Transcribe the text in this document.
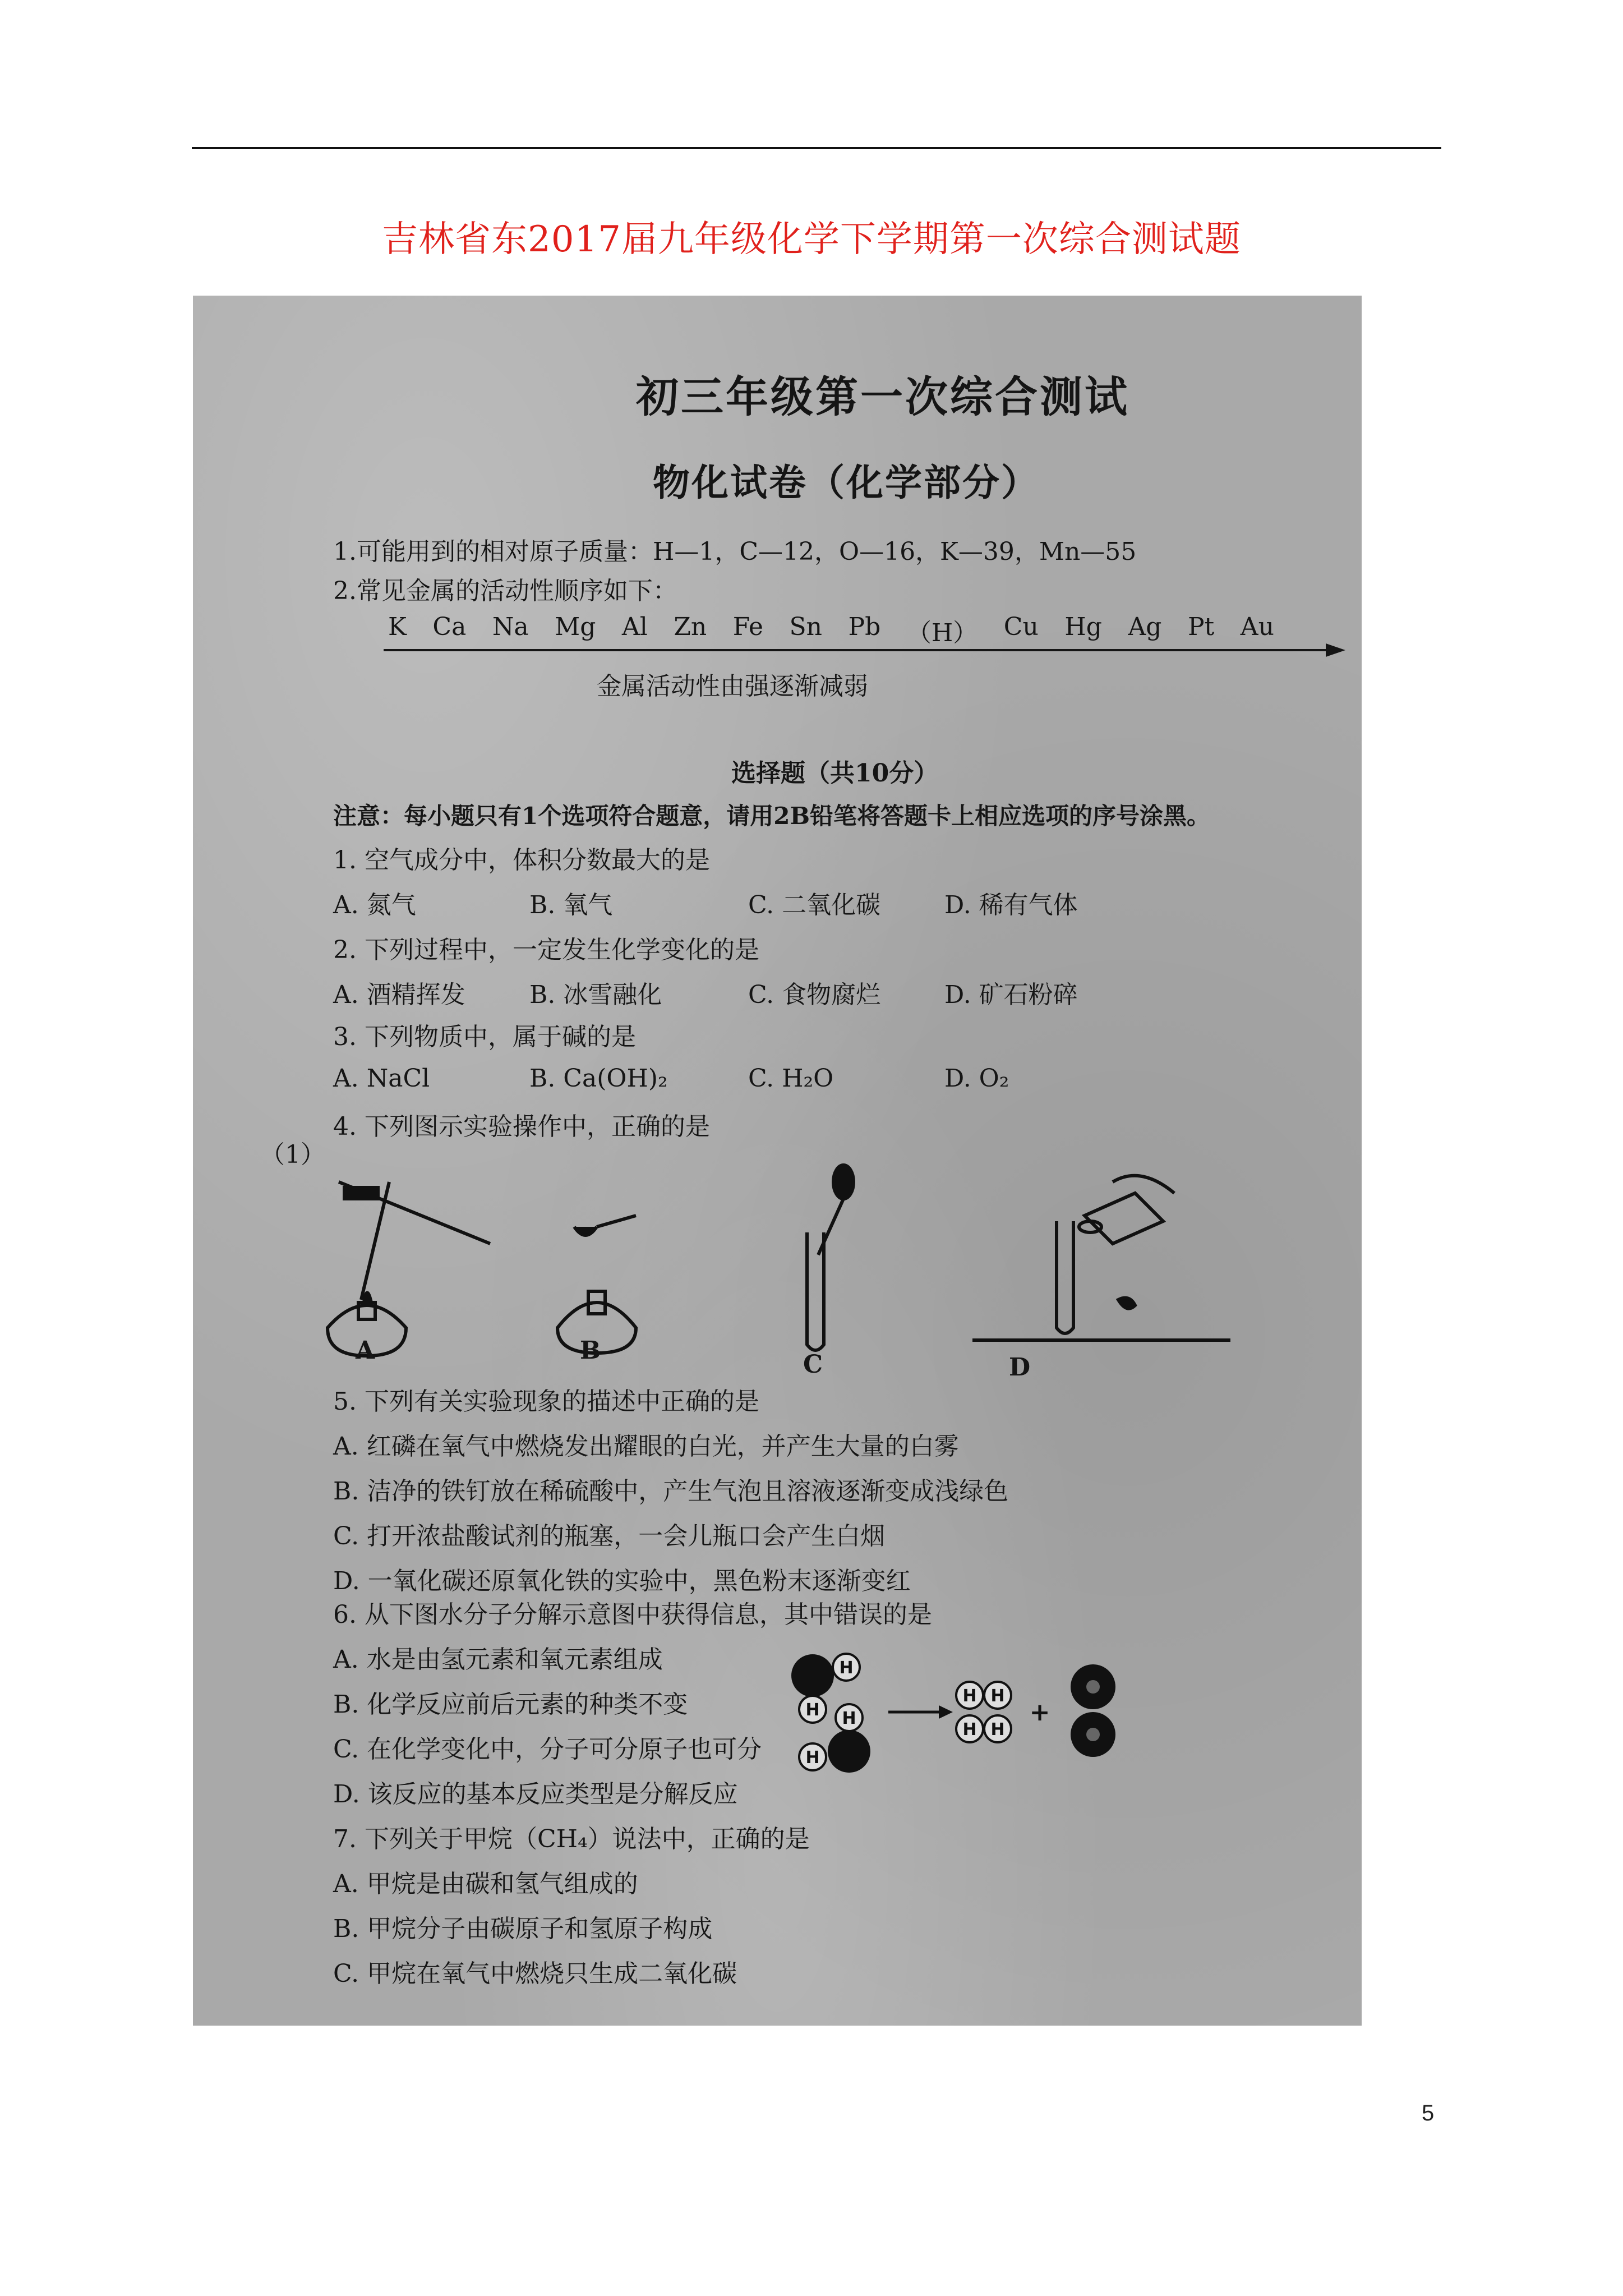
吉林省东2017届九年级化学下学期第一次综合测试题
初三年级第一次综合测试
物化试卷（化学部分）
1.可能用到的相对原子质量：H—1，C—12，O—16，K—39，Mn—55
2.常见金属的活动性顺序如下：
K Ca Na Mg Al Zn Fe Sn Pb （H） Cu Hg Ag Pt Au
金属活动性由强逐渐减弱
选择题（共10分）
注意：每小题只有1个选项符合题意，请用2B铅笔将答题卡上相应选项的序号涂黑。
1. 空气成分中，体积分数最大的是
A. 氮气	B. 氧气	C. 二氧化碳	D. 稀有气体
2. 下列过程中，一定发生化学变化的是
A. 酒精挥发	B. 冰雪融化	C. 食物腐烂	D. 矿石粉碎
3. 下列物质中，属于碱的是
A. NaCl	B. Ca(OH)₂	C. H₂O	D. O₂
4. 下列图示实验操作中，正确的是
（1）
A	B	C	D
5. 下列有关实验现象的描述中正确的是
A. 红磷在氧气中燃烧发出耀眼的白光，并产生大量的白雾
B. 洁净的铁钉放在稀硫酸中，产生气泡且溶液逐渐变成浅绿色
C. 打开浓盐酸试剂的瓶塞，一会儿瓶口会产生白烟
D. 一氧化碳还原氧化铁的实验中，黑色粉末逐渐变红
6. 从下图水分子分解示意图中获得信息，其中错误的是
A. 水是由氢元素和氧元素组成
B. 化学反应前后元素的种类不变
C. 在化学变化中，分子可分原子也可分
D. 该反应的基本反应类型是分解反应
H
H H
H
H H
H H
+
7. 下列关于甲烷（CH₄）说法中，正确的是
A. 甲烷是由碳和氢气组成的
B. 甲烷分子由碳原子和氢原子构成
C. 甲烷在氧气中燃烧只生成二氧化碳
5
